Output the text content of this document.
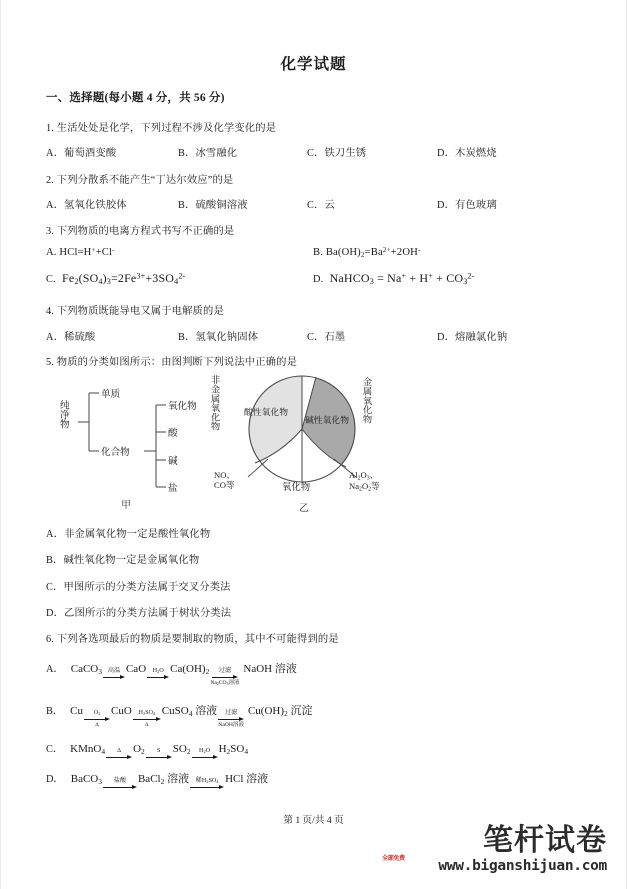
化学试题
一、选择题(每小题 4 分，共 56 分)
1. 生活处处是化学，下列过程不涉及化学变化的是
A．葡萄酒变酸	B．冰雪融化	C．铁刀生锈	D．木炭燃烧
2. 下列分散系不能产生“丁达尔效应”的是
A．氢氧化铁胶体	B．硫酸铜溶液	C．云	D．有色玻璃
3. 下列物质的电离方程式书写不正确的是
A. HCl=H++Cl-	B. $Ba(OH)_2=Ba^{2+}+2OH^-$
C.  $Fe_2(SO_4)_3=2Fe^{3+}+3SO_4^{2-}$	D.  NaHCO$_3$ = $Na^+ + H^+ + CO_3^{2-}$
4. 下列物质既能导电又属于电解质的是
A．稀硫酸	B．氢氧化钠固体	C．石墨	D．熔融氯化钠
5. 物质的分类如图所示：由图判断下列说法中正确的是
纯净物
单质
化合物
氧化物
酸
碱
盐
甲
非金属氧化物	金属氧化物
酸性氧化物
碱性氧化物
NO、
CO等
$Al_2O_3$、
$Na_2O_2$等
氧化物
乙
A．非金属氧化物一定是酸性氧化物
B．碱性氧化物一定是金属氧化物
C．甲图所示的分类方法属于交叉分类法
D．乙图所示的分类方法属于树状分类法
6. 下列各选项最后的物质是要制取的物质，其中不可能得到的是
A． CaCO$_3$ 高温 CaO $H_2O$ $Ca(OH)_2$ 过滤
$Na_2CO_3$溶液
NaOH 溶液
B． Cu $O_2$
Δ
CuO $H_2SO_4$
Δ
CuSO$_4$ 溶液 过滤
NaOH溶液
$Cu(OH)_2$ 沉淀
C． KMnO$_4$ Δ $O_2$ S $SO_2$ $H_2O$ $H_2SO_4$
D． BaCO$_3$ 盐酸 BaCl$_2$ 溶液 稀$H_2SO_4$ HCl 溶液
第 1 页/共 4 页
笔杆试卷
全部免费 www.biganshijuan.com
